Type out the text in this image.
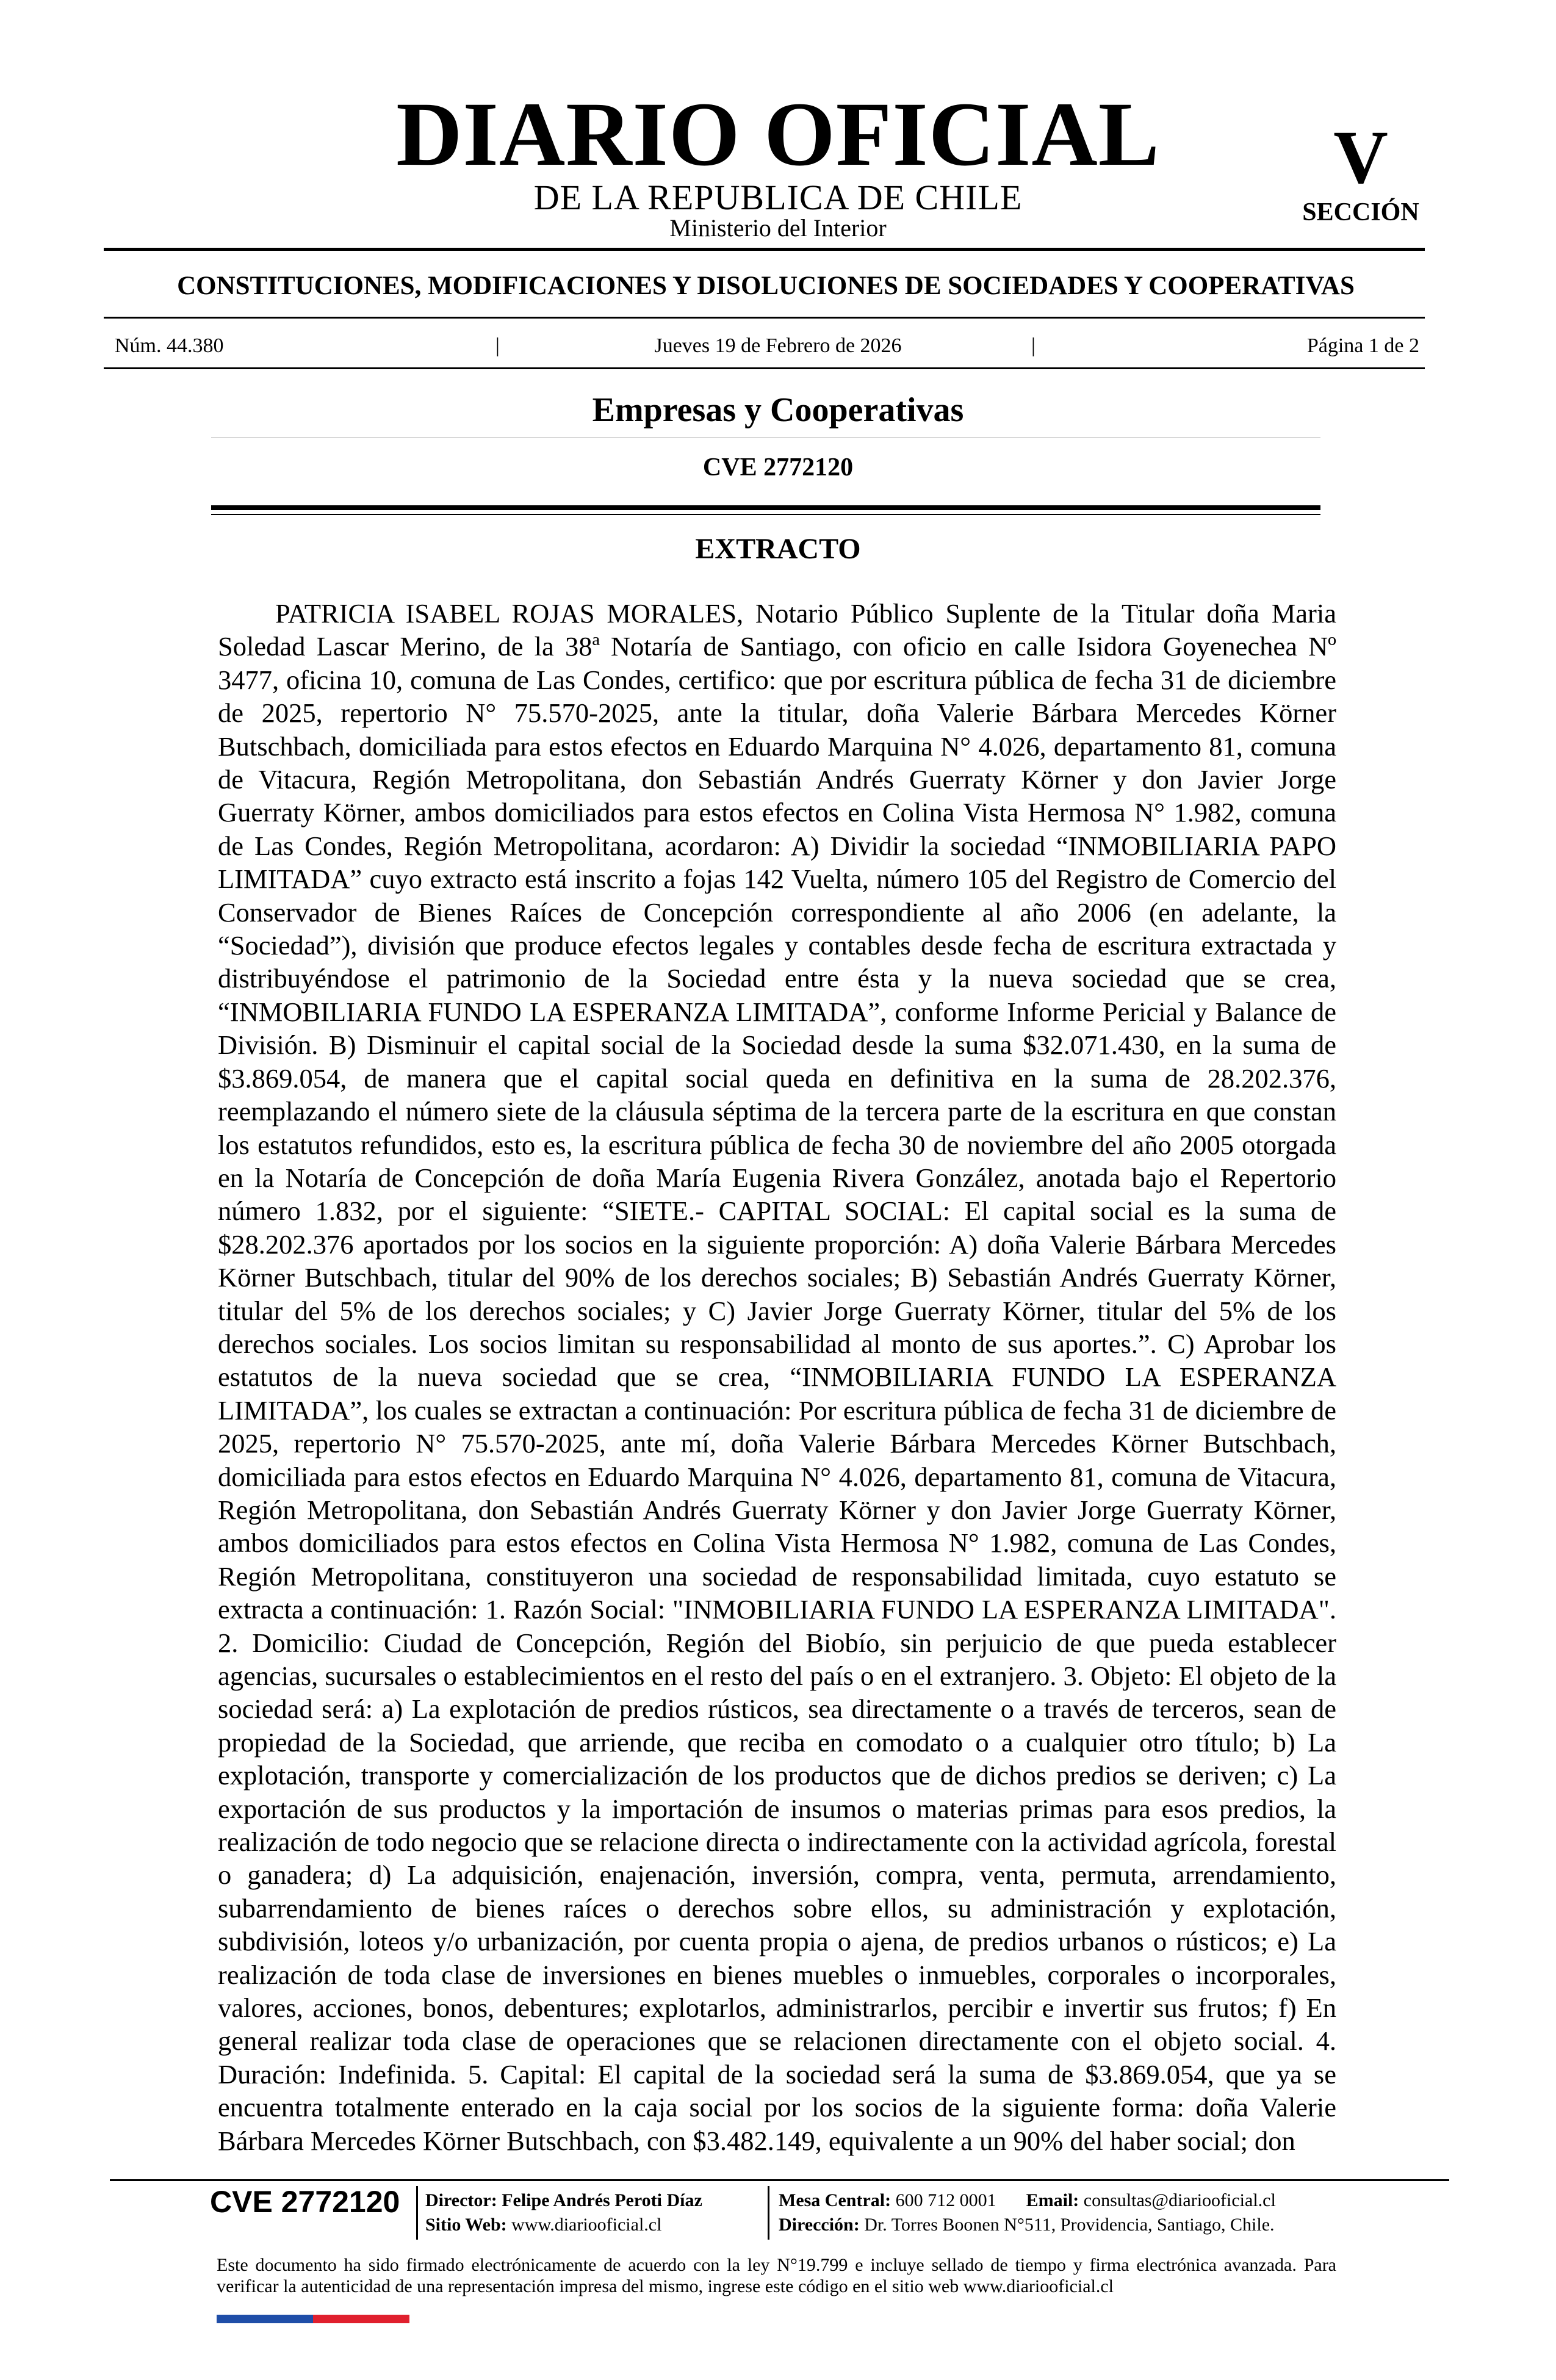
DIARIO OFICIAL
DE LA REPUBLICA DE CHILE
Ministerio del Interior
V
SECCIÓN
CONSTITUCIONES, MODIFICACIONES Y DISOLUCIONES DE SOCIEDADES Y COOPERATIVAS
Núm. 44.380	|	Jueves 19 de Febrero de 2026	|	Página 1 de 2
Empresas y Cooperativas
CVE 2772120
EXTRACTO

PATRICIA ISABEL ROJAS MORALES, Notario Público Suplente de la Titular doña Maria Soledad Lascar Merino, de la 38ª Notaría de Santiago, con oficio en calle Isidora Goyenechea Nº 3477, oficina 10, comuna de Las Condes, certifico: que por escritura pública de fecha 31 de diciembre de 2025, repertorio N° 75.570-2025, ante la titular, doña Valerie Bárbara Mercedes Körner Butschbach, domiciliada para estos efectos en Eduardo Marquina N° 4.026, departamento 81, comuna de Vitacura, Región Metropolitana, don Sebastián Andrés Guerraty Körner y don Javier Jorge Guerraty Körner, ambos domiciliados para estos efectos en Colina Vista Hermosa N° 1.982, comuna de Las Condes, Región Metropolitana, acordaron: A) Dividir la sociedad “INMOBILIARIA PAPO LIMITADA” cuyo extracto está inscrito a fojas 142 Vuelta, número 105 del Registro de Comercio del Conservador de Bienes Raíces de Concepción correspondiente al año 2006 (en adelante, la “Sociedad”), división que produce efectos legales y contables desde fecha de escritura extractada y distribuyéndose el patrimonio de la Sociedad entre ésta y la nueva sociedad que se crea, “INMOBILIARIA FUNDO LA ESPERANZA LIMITADA”, conforme Informe Pericial y Balance de División. B) Disminuir el capital social de la Sociedad desde la suma $32.071.430, en la suma de $3.869.054, de manera que el capital social queda en definitiva en la suma de 28.202.376, reemplazando el número siete de la cláusula séptima de la tercera parte de la escritura en que constan los estatutos refundidos, esto es, la escritura pública de fecha 30 de noviembre del año 2005 otorgada en la Notaría de Concepción de doña María Eugenia Rivera González, anotada bajo el Repertorio número 1.832, por el siguiente: “SIETE.- CAPITAL SOCIAL: El capital social es la suma de $28.202.376 aportados por los socios en la siguiente proporción: A) doña Valerie Bárbara Mercedes Körner Butschbach, titular del 90% de los derechos sociales; B) Sebastián Andrés Guerraty Körner, titular del 5% de los derechos sociales; y C) Javier Jorge Guerraty Körner, titular del 5% de los derechos sociales. Los socios limitan su responsabilidad al monto de sus aportes.”. C) Aprobar los estatutos de la nueva sociedad que se crea, “INMOBILIARIA FUNDO LA ESPERANZA LIMITADA”, los cuales se extractan a continuación: Por escritura pública de fecha 31 de diciembre de 2025, repertorio N° 75.570-2025, ante mí, doña Valerie Bárbara Mercedes Körner Butschbach, domiciliada para estos efectos en Eduardo Marquina N° 4.026, departamento 81, comuna de Vitacura, Región Metropolitana, don Sebastián Andrés Guerraty Körner y don Javier Jorge Guerraty Körner, ambos domiciliados para estos efectos en Colina Vista Hermosa N° 1.982, comuna de Las Condes, Región Metropolitana, constituyeron una sociedad de responsabilidad limitada, cuyo estatuto se extracta a continuación: 1. Razón Social: "INMOBILIARIA FUNDO LA ESPERANZA LIMITADA". 2. Domicilio: Ciudad de Concepción, Región del Biobío, sin perjuicio de que pueda establecer agencias, sucursales o establecimientos en el resto del país o en el extranjero. 3. Objeto: El objeto de la sociedad será: a) La explotación de predios rústicos, sea directamente o a través de terceros, sean de propiedad de la Sociedad, que arriende, que reciba en comodato o a cualquier otro título; b) La explotación, transporte y comercialización de los productos que de dichos predios se deriven; c) La exportación de sus productos y la importación de insumos o materias primas para esos predios, la realización de todo negocio que se relacione directa o indirectamente con la actividad agrícola, forestal o ganadera; d) La adquisición, enajenación, inversión, compra, venta, permuta, arrendamiento, subarrendamiento de bienes raíces o derechos sobre ellos, su administración y explotación, subdivisión, loteos y/o urbanización, por cuenta propia o ajena, de predios urbanos o rústicos; e) La realización de toda clase de inversiones en bienes muebles o inmuebles, corporales o incorporales, valores, acciones, bonos, debentures; explotarlos, administrarlos, percibir e invertir sus frutos; f) En general realizar toda clase de operaciones que se relacionen directamente con el objeto social. 4. Duración: Indefinida. 5. Capital: El capital de la sociedad será la suma de $3.869.054, que ya se encuentra totalmente enterado en la caja social por los socios de la siguiente forma: doña Valerie Bárbara Mercedes Körner Butschbach, con $3.482.149, equivalente a un 90% del haber social; don

CVE 2772120 Director: Felipe Andrés Peroti Díaz
Sitio Web: www.diariooficial.cl
Mesa Central: 600 712 0001 Email: consultas@diariooficial.cl
Dirección: Dr. Torres Boonen N°511, Providencia, Santiago, Chile.
Este documento ha sido firmado electrónicamente de acuerdo con la ley N°19.799 e incluye sellado de tiempo y firma electrónica avanzada. Para verificar la autenticidad de una representación impresa del mismo, ingrese este código en el sitio web www.diariooficial.cl
